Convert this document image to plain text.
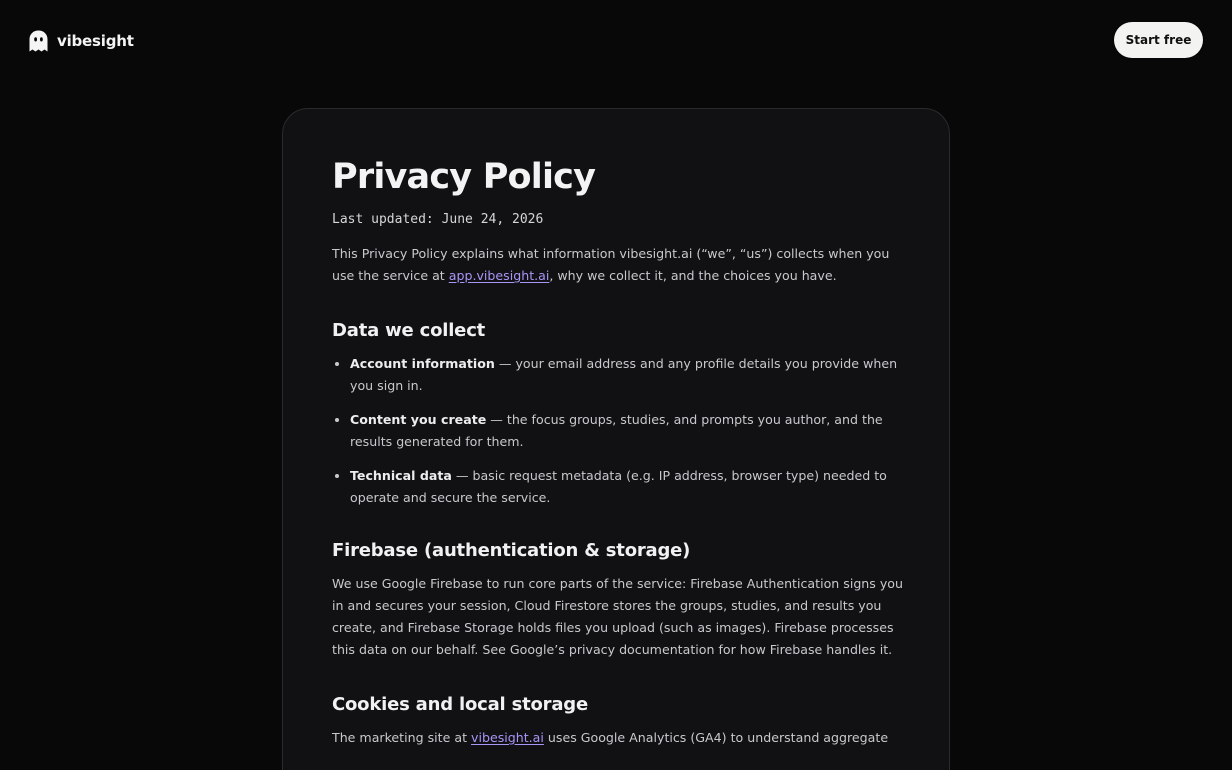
vibesight	Start free
Privacy Policy
Last updated: June 24, 2026

This Privacy Policy explains what information vibesight.ai (“we”, “us”) collects when you use the service at app.vibesight.ai, why we collect it, and the choices you have.

Data we collect
• Account information — your email address and any profile details you provide when you sign in.
• Content you create — the focus groups, studies, and prompts you author, and the results generated for them.
• Technical data — basic request metadata (e.g. IP address, browser type) needed to operate and secure the service.
Firebase (authentication & storage)

We use Google Firebase to run core parts of the service: Firebase Authentication signs you in and secures your session, Cloud Firestore stores the groups, studies, and results you create, and Firebase Storage holds files you upload (such as images). Firebase processes this data on our behalf. See Google’s privacy documentation for how Firebase handles it.

Cookies and local storage

The marketing site at vibesight.ai uses Google Analytics (GA4) to understand aggregate
